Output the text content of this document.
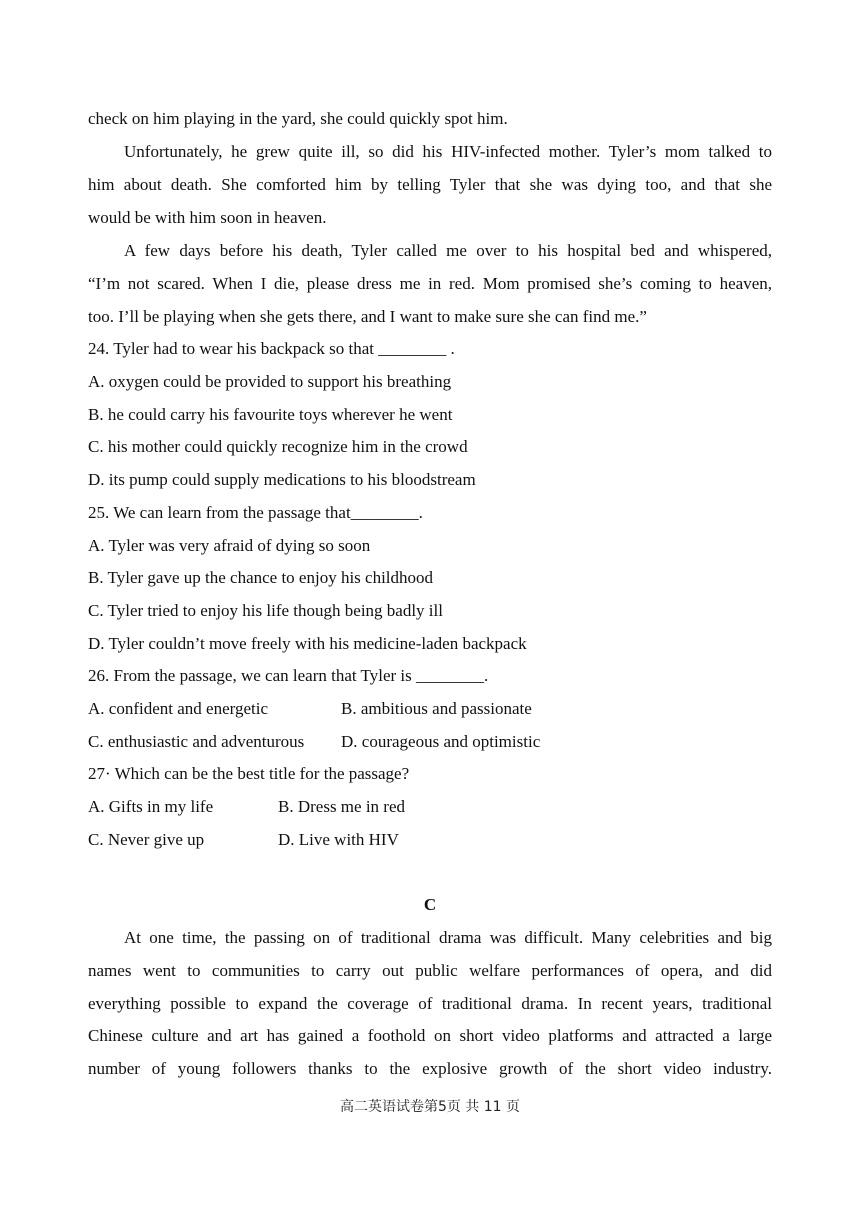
check on him playing in the yard, she could quickly spot him.
Unfortunately, he grew quite ill, so did his HIV-infected mother. Tyler’s mom talked to
him about death. She comforted him by telling Tyler that she was dying too, and that she
would be with him soon in heaven.
A few days before his death, Tyler called me over to his hospital bed and whispered,
“I’m not scared. When I die, please dress me in red. Mom promised she’s coming to heaven,
too. I’ll be playing when she gets there, and I want to make sure she can find me.”
24. Tyler had to wear his backpack so that ________ .
A. oxygen could be provided to support his breathing
B. he could carry his favourite toys wherever he went
C. his mother could quickly recognize him in the crowd
D. its pump could supply medications to his bloodstream
25. We can learn from the passage that________.
A. Tyler was very afraid of dying so soon
B. Tyler gave up the chance to enjoy his childhood
C. Tyler tried to enjoy his life though being badly ill
D. Tyler couldn’t move freely with his medicine-laden backpack
26. From the passage, we can learn that Tyler is ________.
A. confident and energetic	B. ambitious and passionate
C. enthusiastic and adventurous D. courageous and optimistic
27· Which can be the best title for the passage?
A. Gifts in my life	B. Dress me in red
C. Never give up	D. Live with HIV
C
At one time, the passing on of traditional drama was difficult. Many celebrities and big
names went to communities to carry out public welfare performances of opera, and did
everything possible to expand the coverage of traditional drama. In recent years, traditional
Chinese culture and art has gained a foothold on short video platforms and attracted a large
number of young followers thanks to the explosive growth of the short video industry.
高二英语试卷第5页 共 11 页
